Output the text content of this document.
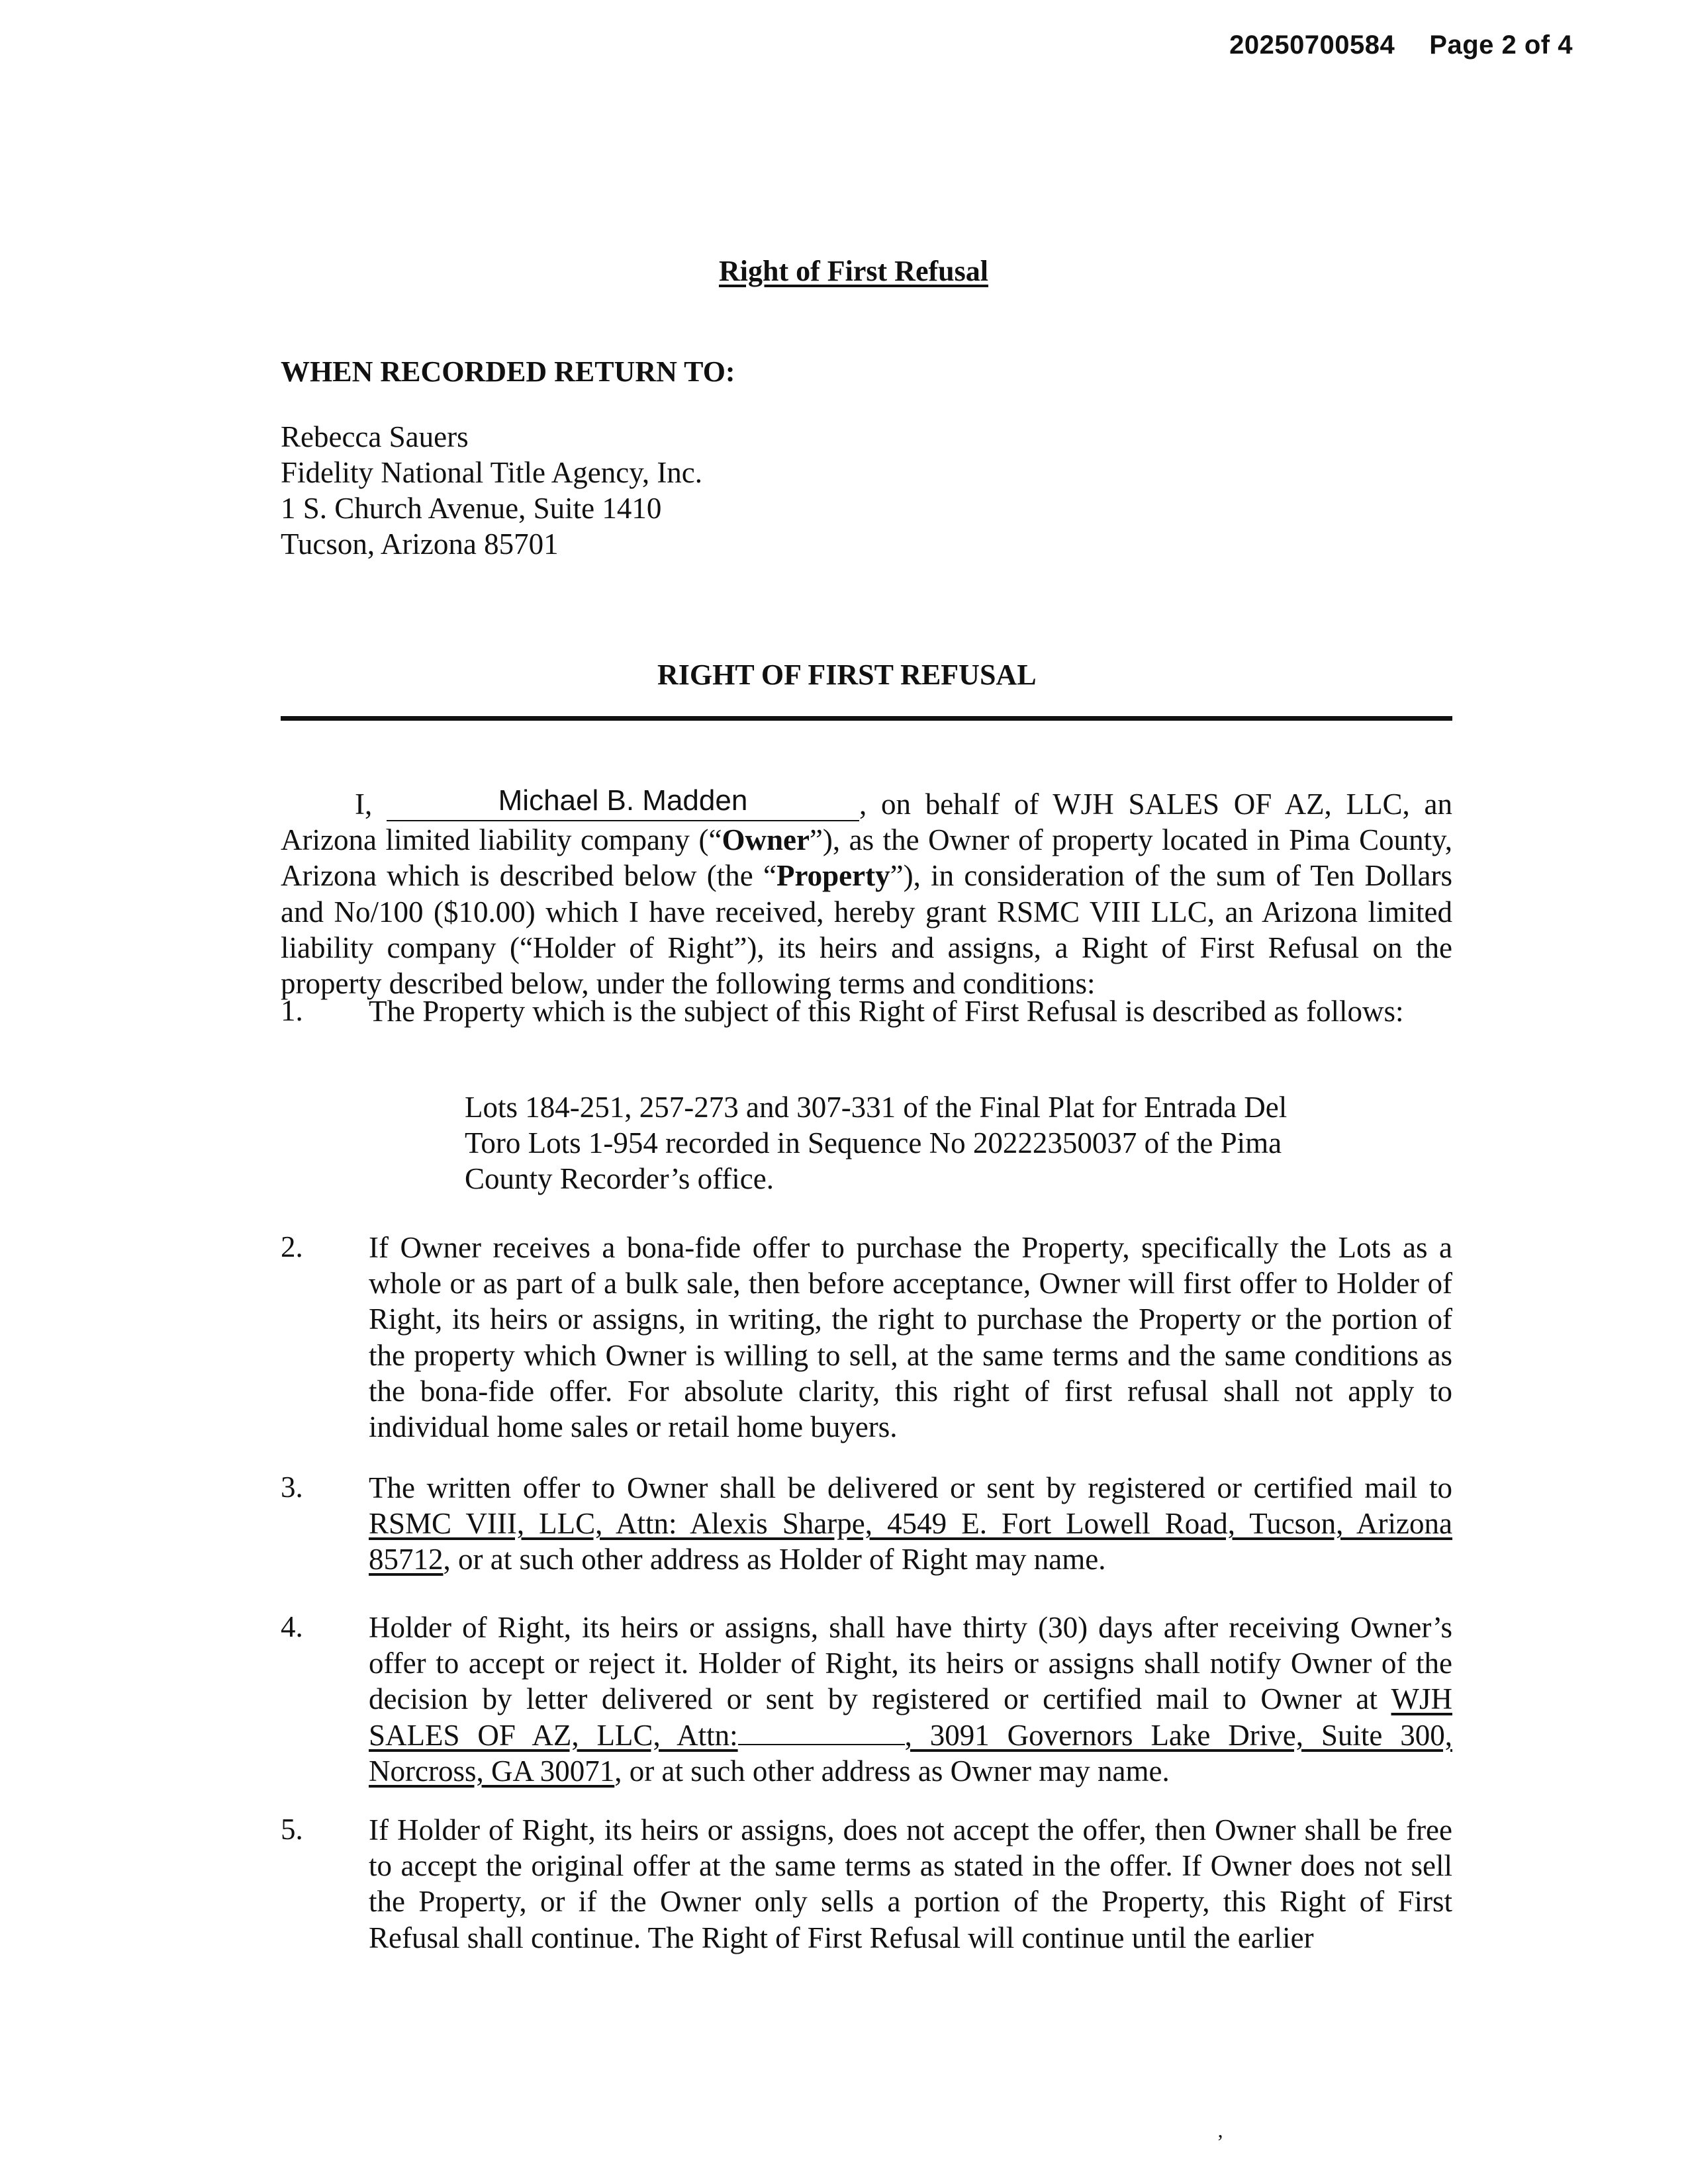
20250700584 Page 2 of 4
Right of First Refusal
WHEN RECORDED RETURN TO:
Rebecca Sauers
Fidelity National Title Agency, Inc.
1 S. Church Avenue, Suite 1410
Tucson, Arizona 85701
RIGHT OF FIRST REFUSAL
I,	Michael B. Madden	, on behalf of WJH SALES OF AZ, LLC, an Arizona limited liability company (“Owner”), as the Owner of property located in Pima County, Arizona which is described below (the “Property”), in consideration of the sum of Ten Dollars and No/100 ($10.00) which I have received, hereby grant RSMC VIII LLC, an Arizona limited liability company (“Holder of Right”), its heirs and assigns, a Right of First Refusal on the property described below, under the following terms and conditions:
1. The Property which is the subject of this Right of First Refusal is described as follows:
Lots 184-251, 257-273 and 307-331 of the Final Plat for Entrada Del
Toro Lots 1-954 recorded in Sequence No 20222350037 of the Pima
County Recorder’s office.
2. If Owner receives a bona-fide offer to purchase the Property, specifically the Lots as a whole or as part of a bulk sale, then before acceptance, Owner will first offer to Holder of Right, its heirs or assigns, in writing, the right to purchase the Property or the portion of the property which Owner is willing to sell, at the same terms and the same conditions as the bona-fide offer. For absolute clarity, this right of first refusal shall not apply to individual home sales or retail home buyers.
3. The written offer to Owner shall be delivered or sent by registered or certified mail to RSMC VIII, LLC, Attn: Alexis Sharpe, 4549 E. Fort Lowell Road, Tucson, Arizona 85712, or at such other address as Holder of Right may name.
4. Holder of Right, its heirs or assigns, shall have thirty (30) days after receiving Owner’s offer to accept or reject it. Holder of Right, its heirs or assigns shall notify Owner of the decision by letter delivered or sent by registered or certified mail to Owner at WJH SALES OF AZ, LLC, Attn:	, 3091 Governors Lake Drive, Suite 300, Norcross, GA 30071, or at such other address as Owner may name.
5. If Holder of Right, its heirs or assigns, does not accept the offer, then Owner shall be free to accept the original offer at the same terms as stated in the offer. If Owner does not sell the Property, or if the Owner only sells a portion of the Property, this Right of First Refusal shall continue. The Right of First Refusal will continue until the earlier
’
